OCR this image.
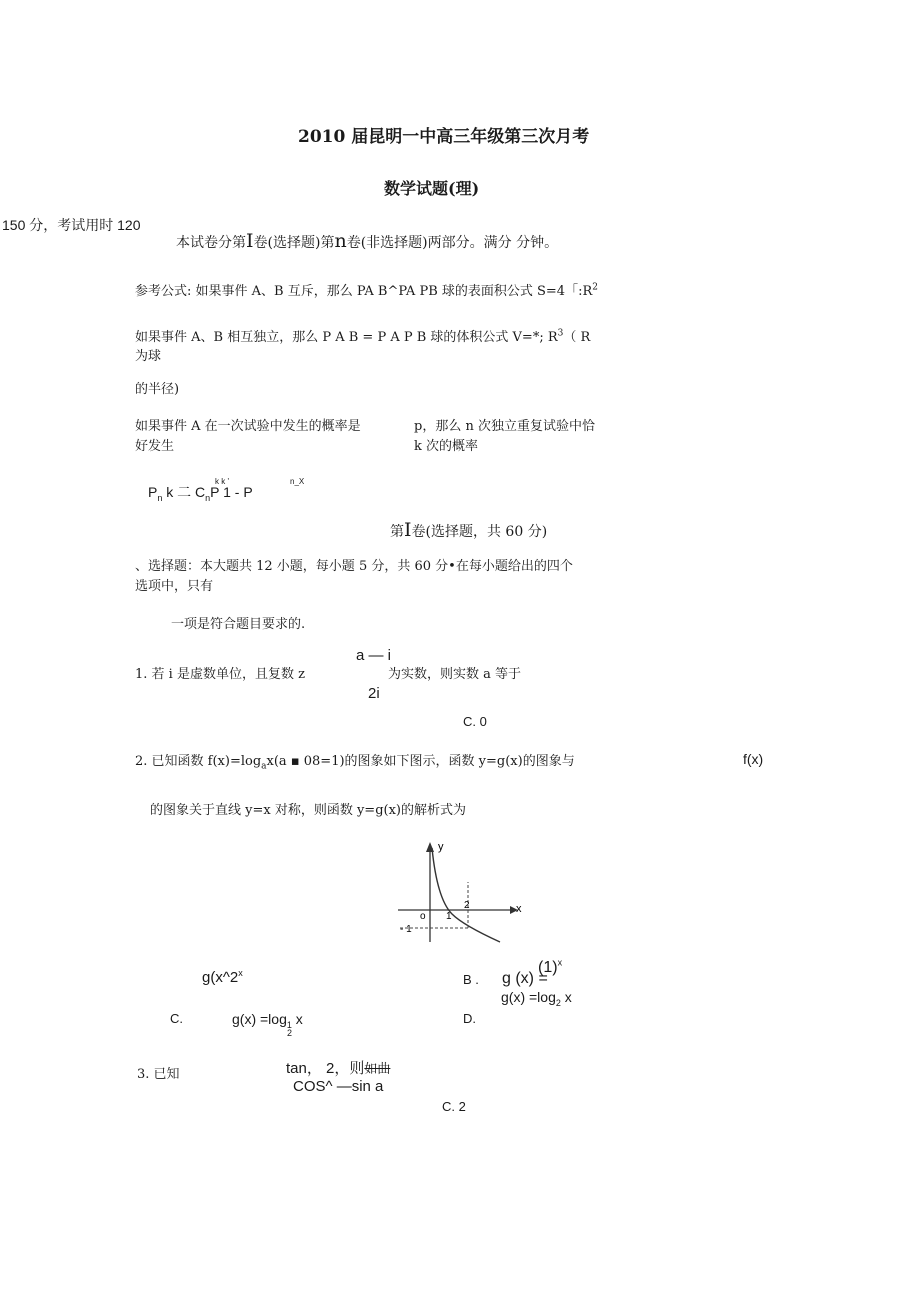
2010 届昆明一中高三年级第三次月考
数学试题(理)
150 分，考试用时 120
本试卷分第I卷(选择题)第n卷(非选择题)两部分。满分 分钟。
参考公式: 如果事件 A、B 互斥，那么 PA B^PA PB 球的表面积公式 S=4「$:R^2$
如果事件 A、B 相互独立，那么 P A B = P A P B 球的体积公式 V=*; $R^3$（ R
为球
的半径)
如果事件 A 在一次试验中发生的概率是
好发生
p，那么 n 次独立重复试验中恰
k 次的概率
k k '	n_X
$P_n$ k 二 $C_nP$ 1 - P
第I卷(选择题，共 60 分)
、选择题：本大题共 12 小题，每小题 5 分，共 60 分•在每小题给出的四个
选项中，只有
一项是符合题目要求的.
a — i
1. 若 i 是虚数单位，且复数 z	为实数，则实数 a 等于
2i
C. 0
2. 已知函数 $f(x)=\log_ax(a$ ▪ 08=1)的图象如下图示，函数 y=g(x)的图象与	f(x)
的图象关于直线 y=x 对称，则函数 y=g(x)的解析式为
y
x
o 1
2
- 1
g(x^2$^x$	B .
$(1)^x$
g (x) =
$g(x) =\log_2$ x
C.	$g(x) =\log_1$ x
2
D.
3. 已知	tan， 2，则如曲
COS^ —sin a
C. 2
